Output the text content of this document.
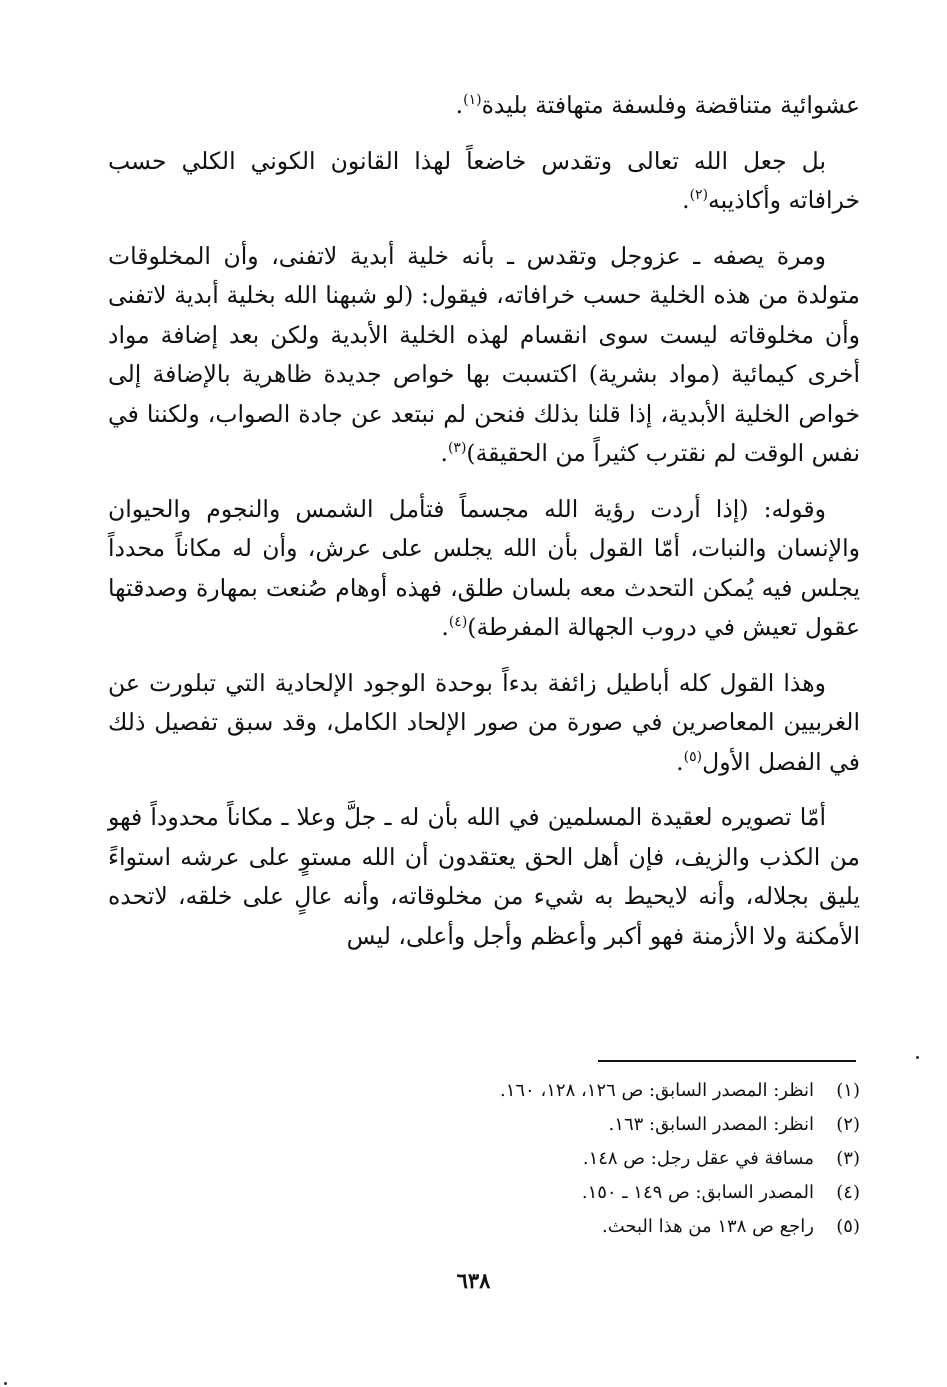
عشوائية متناقضة وفلسفة متهافتة بليدة$^{(١)}$.

بل جعل الله تعالى وتقدس خاضعاً لهذا القانون الكوني الكلي حسب خرافاته وأكاذيبه$^{(٢)}$.

ومرة يصفه ـ عزوجل وتقدس ـ بأنه خلية أبدية لاتفنى، وأن المخلوقات متولدة من هذه الخلية حسب خرافاته، فيقول: (لو شبهنا الله بخلية أبدية لاتفنى وأن مخلوقاته ليست سوى انقسام لهذه الخلية الأبدية ولكن بعد إضافة مواد أخرى كيمائية (مواد بشرية) اكتسبت بها خواص جديدة ظاهرية بالإضافة إلى خواص الخلية الأبدية، إذا قلنا بذلك فنحن لم نبتعد عن جادة الصواب، ولكننا في نفس الوقت لم نقترب كثيراً من الحقيقة)$^{(٣)}$.

وقوله: (إذا أردت رؤية الله مجسماً فتأمل الشمس والنجوم والحيوان والإنسان والنبات، أمّا القول بأن الله يجلس على عرش، وأن له مكاناً محدداً يجلس فيه يُمكن التحدث معه بلسان طلق، فهذه أوهام صُنعت بمهارة وصدقتها عقول تعيش في دروب الجهالة المفرطة)$^{(٤)}$.

وهذا القول كله أباطيل زائفة بدءاً بوحدة الوجود الإلحادية التي تبلورت عن الغربيين المعاصرين في صورة من صور الإلحاد الكامل، وقد سبق تفصيل ذلك في الفصل الأول$^{(٥)}$.

أمّا تصويره لعقيدة المسلمين في الله بأن له ـ جلَّ وعلا ـ مكاناً محدوداً فهو من الكذب والزيف، فإن أهل الحق يعتقدون أن الله مستوٍ على عرشه استواءً يليق بجلاله، وأنه لايحيط به شيء من مخلوقاته، وأنه عالٍ على خلقه، لاتحده الأمكنة ولا الأزمنة فهو أكبر وأعظم وأجل وأعلى، ليس

(١)
انظر: المصدر السابق: ص ١٢٦، ١٢٨، ١٦٠.
(٢)
انظر: المصدر السابق: ١٦٣.
(٣)
مسافة في عقل رجل: ص ١٤٨.
(٤)
المصدر السابق: ص ١٤٩ ـ ١٥٠.
(٥)
راجع ص ١٣٨ من هذا البحث.
٦٣٨
